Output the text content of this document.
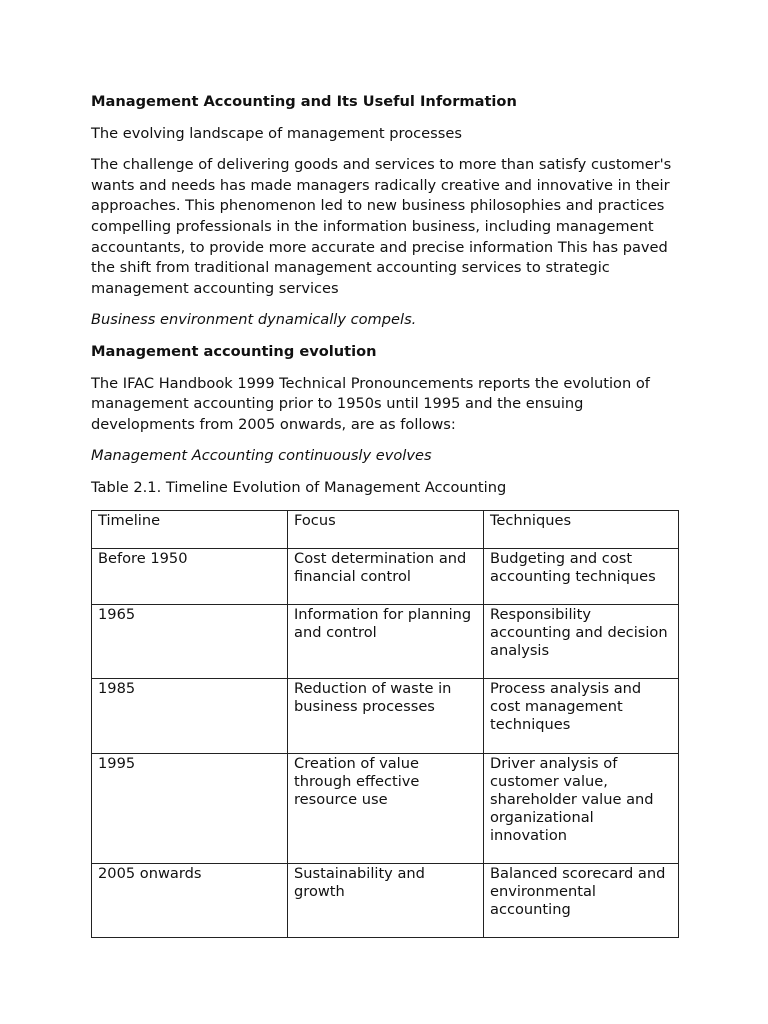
Management Accounting and Its Useful Information

The evolving landscape of management processes

The challenge of delivering goods and services to more than satisfy customer's wants and needs has made managers radically creative and innovative in their approaches. This phenomenon led to new business philosophies and practices compelling professionals in the information business, including management accountants, to provide more accurate and precise information This has paved the shift from traditional management accounting services to strategic management accounting services

Business environment dynamically compels.

Management accounting evolution

The IFAC Handbook 1999 Technical Pronouncements reports the evolution of management accounting prior to 1950s until 1995 and the ensuing developments from 2005 onwards, are as follows:

Management Accounting continuously evolves

Table 2.1. Timeline Evolution of Management Accounting

Timeline	Focus	Techniques
Before 1950	Cost determination and financial control	Budgeting and cost accounting techniques
1965	Information for planning and control	Responsibility accounting and decision analysis
1985	Reduction of waste in business processes	Process analysis and cost management techniques
1995	Creation of value through effective resource use	Driver analysis of customer value, shareholder value and organizational innovation
2005 onwards	Sustainability and growth	Balanced scorecard and environmental accounting
